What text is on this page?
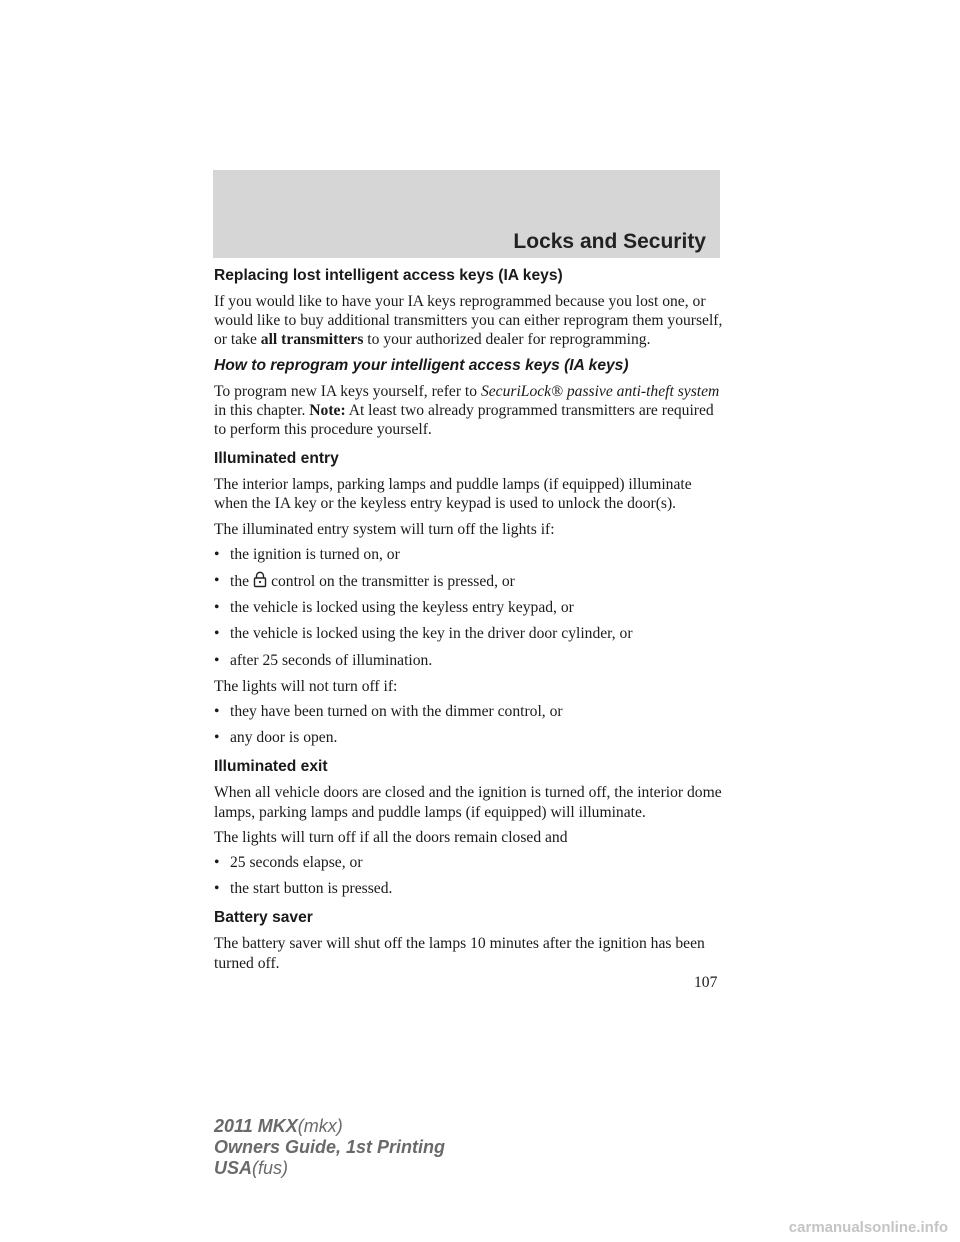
Locks and Security
Replacing lost intelligent access keys (IA keys)

If you would like to have your IA keys reprogrammed because you lost one, or would like to buy additional transmitters you can either reprogram them yourself, or take all transmitters to your authorized dealer for reprogramming.

How to reprogram your intelligent access keys (IA keys)

To program new IA keys yourself, refer to SecuriLock® passive anti-theft system in this chapter. Note: At least two already programmed transmitters are required to perform this procedure yourself.

Illuminated entry

The interior lamps, parking lamps and puddle lamps (if equipped) illuminate when the IA key or the keyless entry keypad is used to unlock the door(s).

The illuminated entry system will turn off the lights if:

• the ignition is turned on, or
• the control on the transmitter is pressed, or
• the vehicle is locked using the keyless entry keypad, or
• the vehicle is locked using the key in the driver door cylinder, or
• after 25 seconds of illumination.

The lights will not turn off if:

• they have been turned on with the dimmer control, or
• any door is open.
Illuminated exit

When all vehicle doors are closed and the ignition is turned off, the interior dome lamps, parking lamps and puddle lamps (if equipped) will illuminate.

The lights will turn off if all the doors remain closed and

• 25 seconds elapse, or
• the start button is pressed.
Battery saver

The battery saver will shut off the lamps 10 minutes after the ignition has been turned off.

107
2011 MKX(mkx)
Owners Guide, 1st Printing
USA(fus)
carmanualsonline.info
